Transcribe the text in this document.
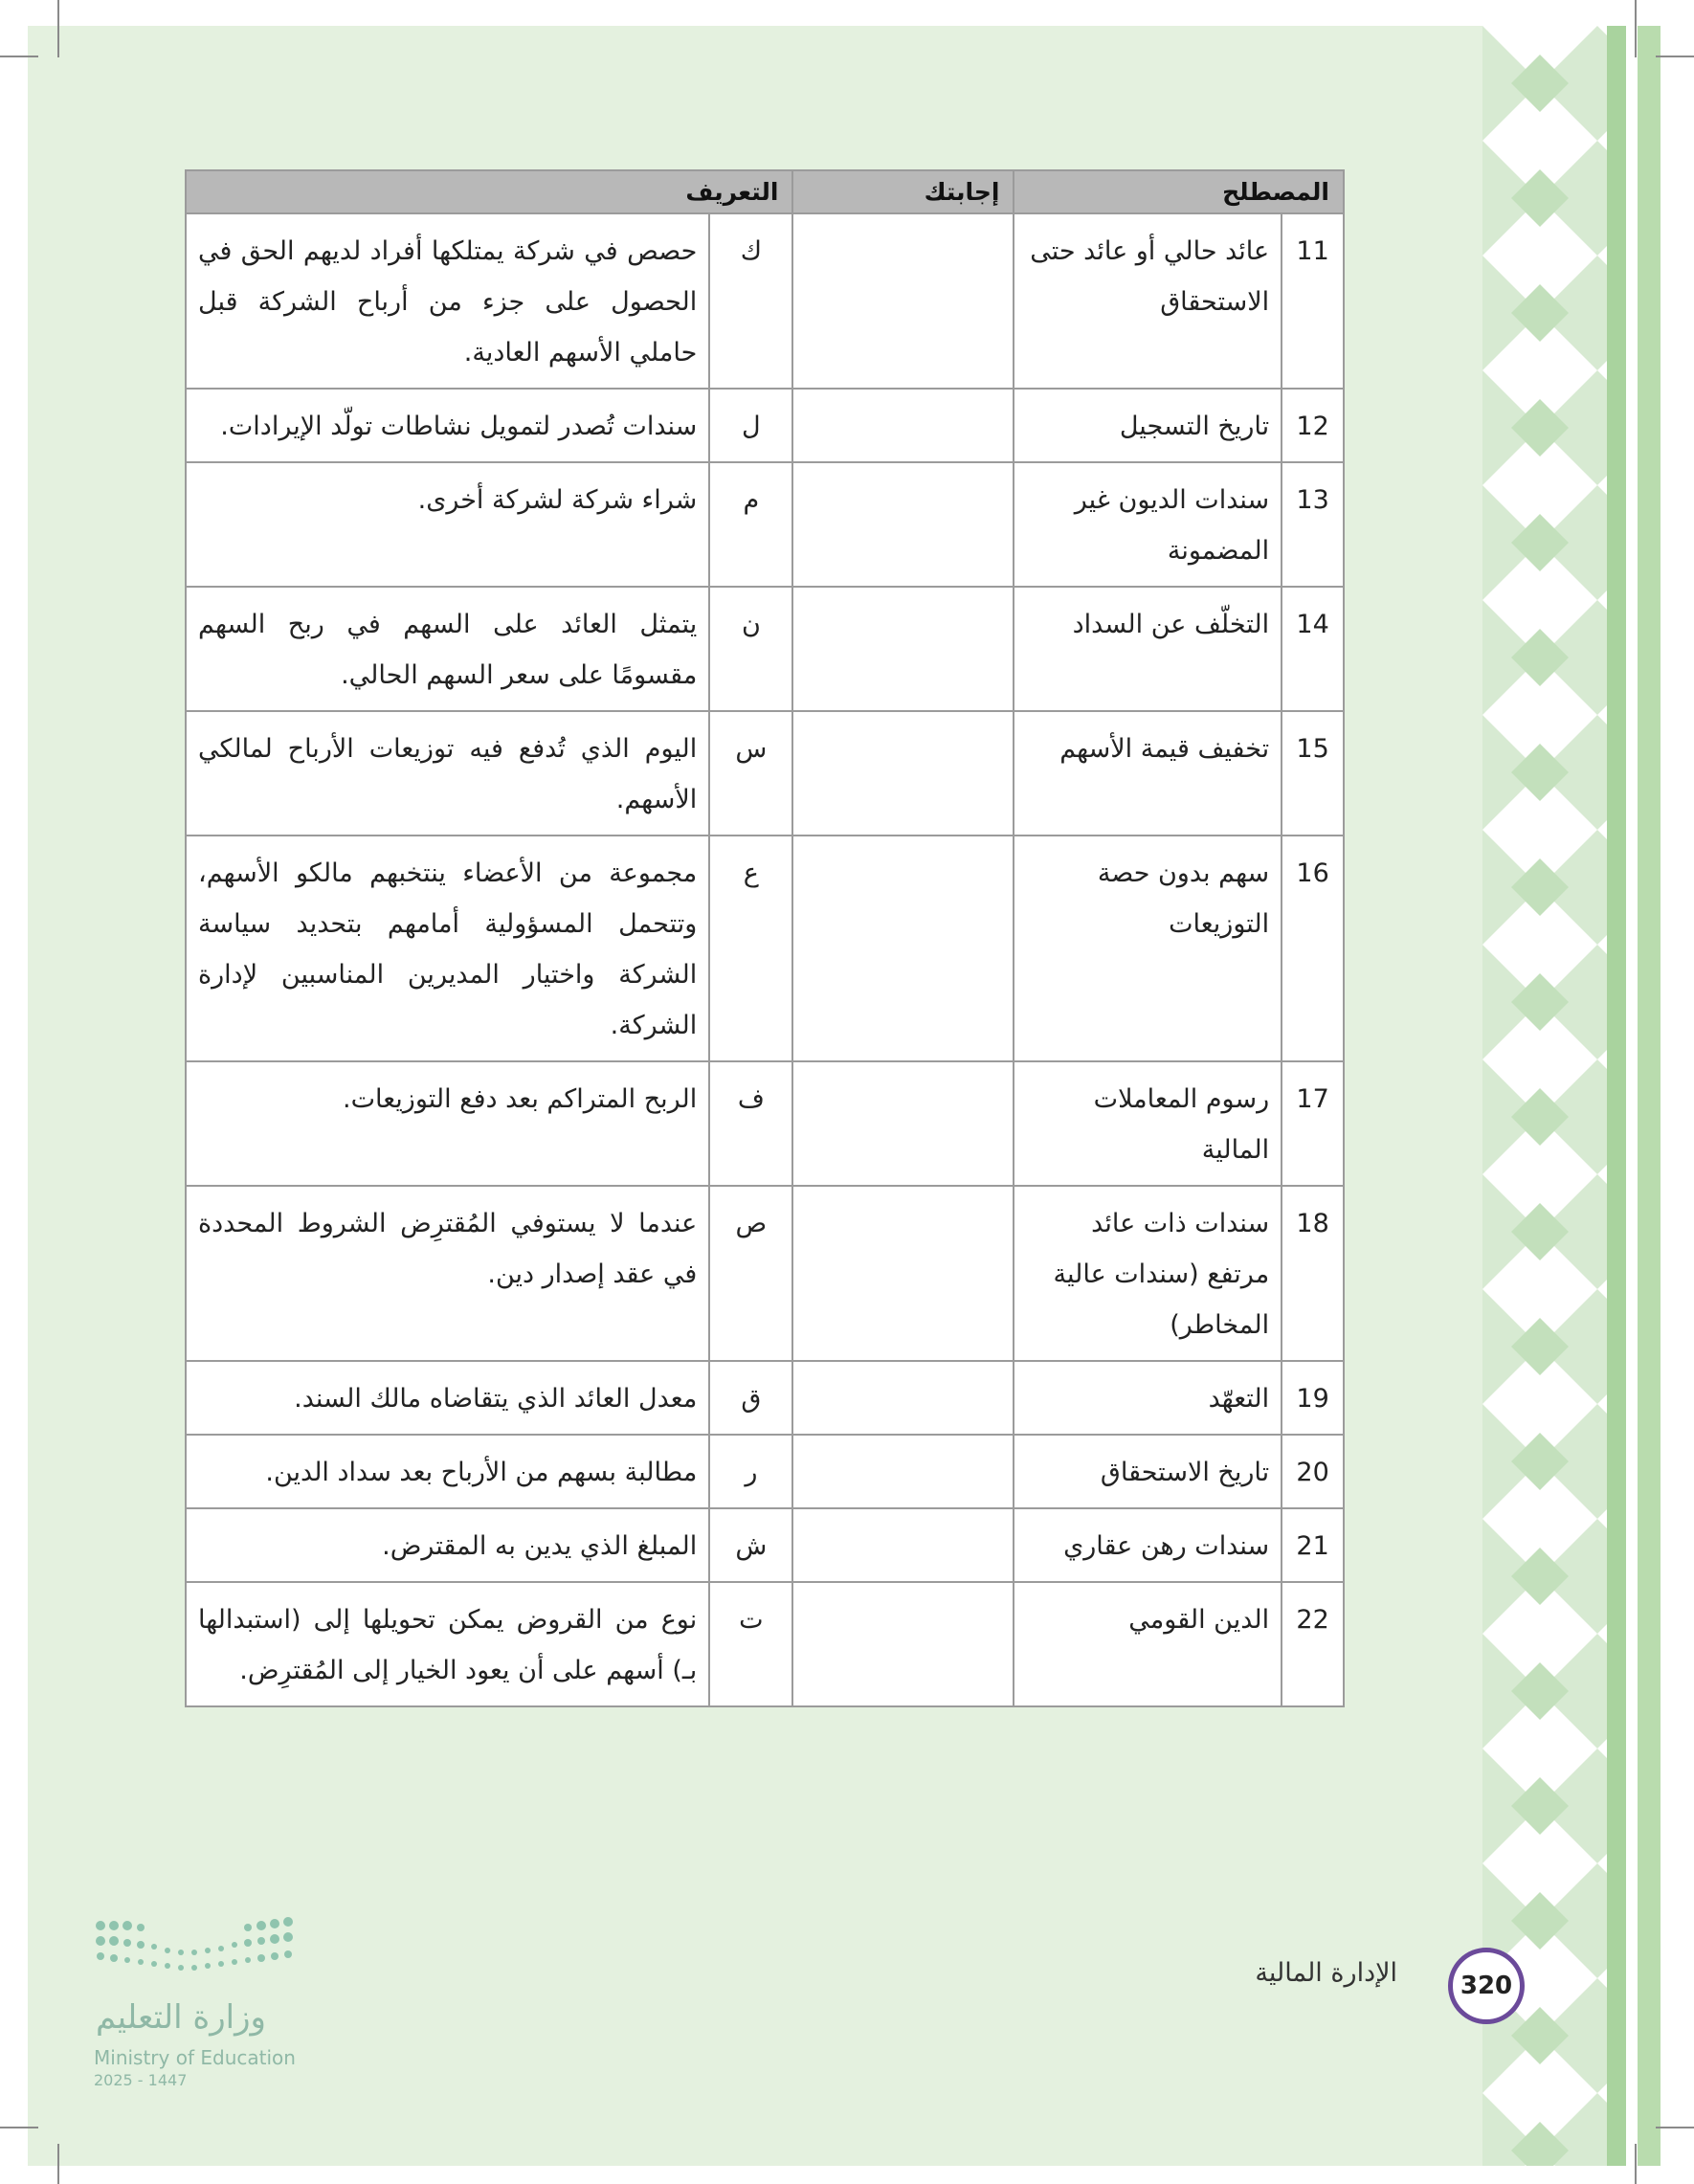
المصطلح		إجابتك	التعريف	
11	عائد حالي أو عائد حتى الاستحقاق		ك	حصص في شركة يمتلكها أفراد لديهم الحق في الحصول على جزء من أرباح الشركة قبل حاملي الأسهم العادية.
12	تاريخ التسجيل		ل	سندات تُصدر لتمويل نشاطات تولّد الإيرادات.
13	سندات الديون غير المضمونة		م	شراء شركة لشركة أخرى.
14	التخلّف عن السداد		ن	يتمثل العائد على السهم في ربح السهم مقسومًا على سعر السهم الحالي.
15	تخفيف قيمة الأسهم		س	اليوم الذي تُدفع فيه توزيعات الأرباح لمالكي الأسهم.
16	سهم بدون حصة التوزيعات		ع	مجموعة من الأعضاء ينتخبهم مالكو الأسهم، وتتحمل المسؤولية أمامهم بتحديد سياسة الشركة واختيار المديرين المناسبين لإدارة الشركة.
17	رسوم المعاملات المالية		ف	الربح المتراكم بعد دفع التوزيعات.
18	سندات ذات عائد مرتفع (سندات عالية المخاطر)		ص	عندما لا يستوفي المُقترِض الشروط المحددة في عقد إصدار دين.
19	التعهّد		ق	معدل العائد الذي يتقاضاه مالك السند.
20	تاريخ الاستحقاق		ر	مطالبة بسهم من الأرباح بعد سداد الدين.
21	سندات رهن عقاري		ش	المبلغ الذي يدين به المقترض.
22	الدين القومي		ت	نوع من القروض يمكن تحويلها إلى (استبدالها بـ) أسهم على أن يعود الخيار إلى المُقترِض.
الإدارة المالية	320
وزارة التعليم
Ministry of Education
2025 - 1447
